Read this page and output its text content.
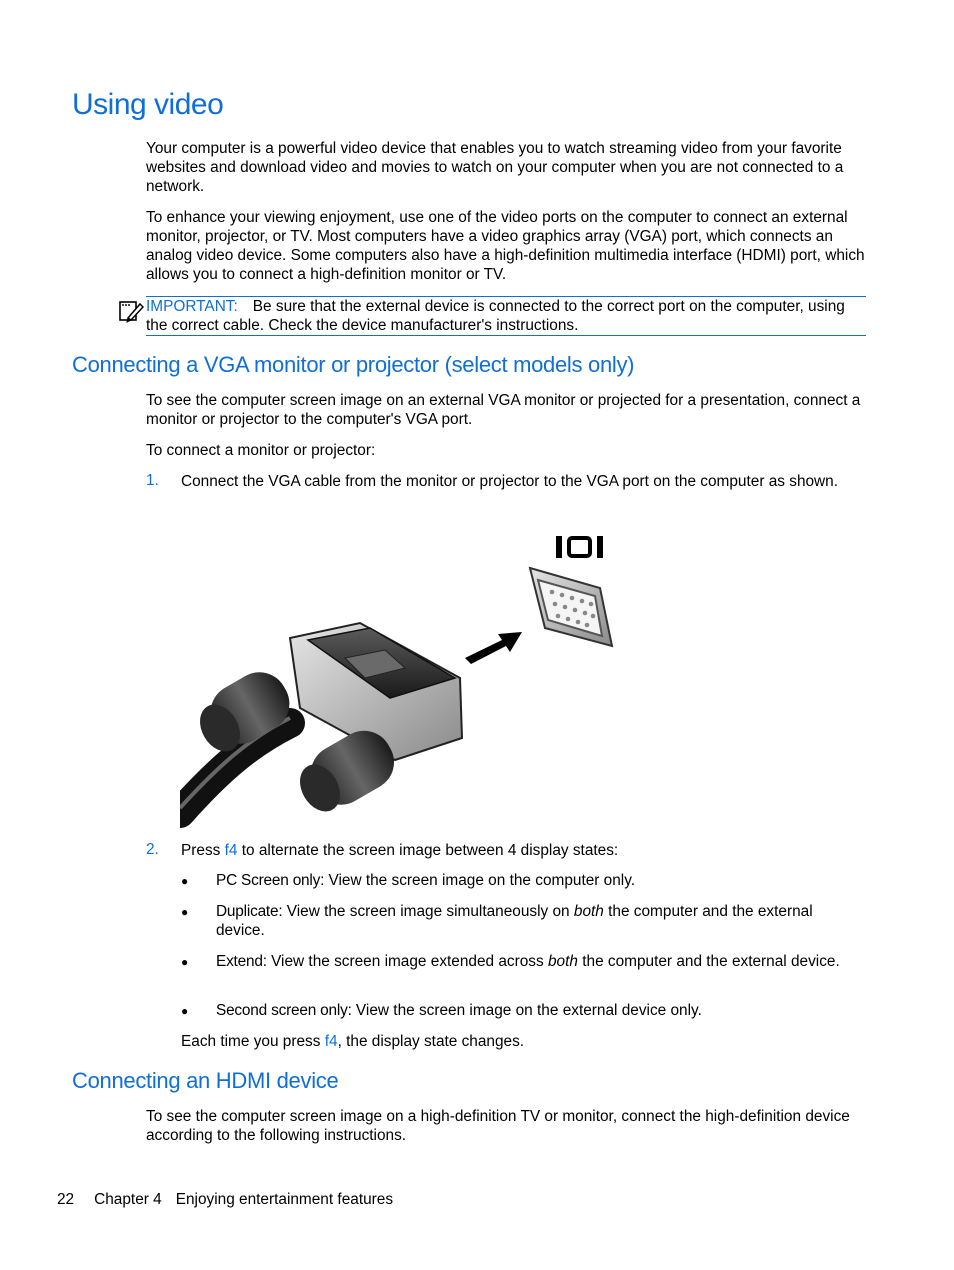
Using video
Your computer is a powerful video device that enables you to watch streaming video from your favorite websites and download video and movies to watch on your computer when you are not connected to a network.
To enhance your viewing enjoyment, use one of the video ports on the computer to connect an external monitor, projector, or TV. Most computers have a video graphics array (VGA) port, which connects an analog video device. Some computers also have a high-definition multimedia interface (HDMI) port, which allows you to connect a high-definition monitor or TV.
IMPORTANT: Be sure that the external device is connected to the correct port on the computer, using the correct cable. Check the device manufacturer's instructions.
Connecting a VGA monitor or projector (select models only)
To see the computer screen image on an external VGA monitor or projected for a presentation, connect a monitor or projector to the computer's VGA port.
To connect a monitor or projector:
1. Connect the VGA cable from the monitor or projector to the VGA port on the computer as shown.
2. Press f4 to alternate the screen image between 4 display states:
● PC Screen only: View the screen image on the computer only.
● Duplicate: View the screen image simultaneously on both the computer and the external device.
● Extend: View the screen image extended across both the computer and the external device.
● Second screen only: View the screen image on the external device only.
Each time you press f4, the display state changes.
Connecting an HDMI device
To see the computer screen image on a high-definition TV or monitor, connect the high-definition device according to the following instructions.
22 Chapter 4 Enjoying entertainment features
